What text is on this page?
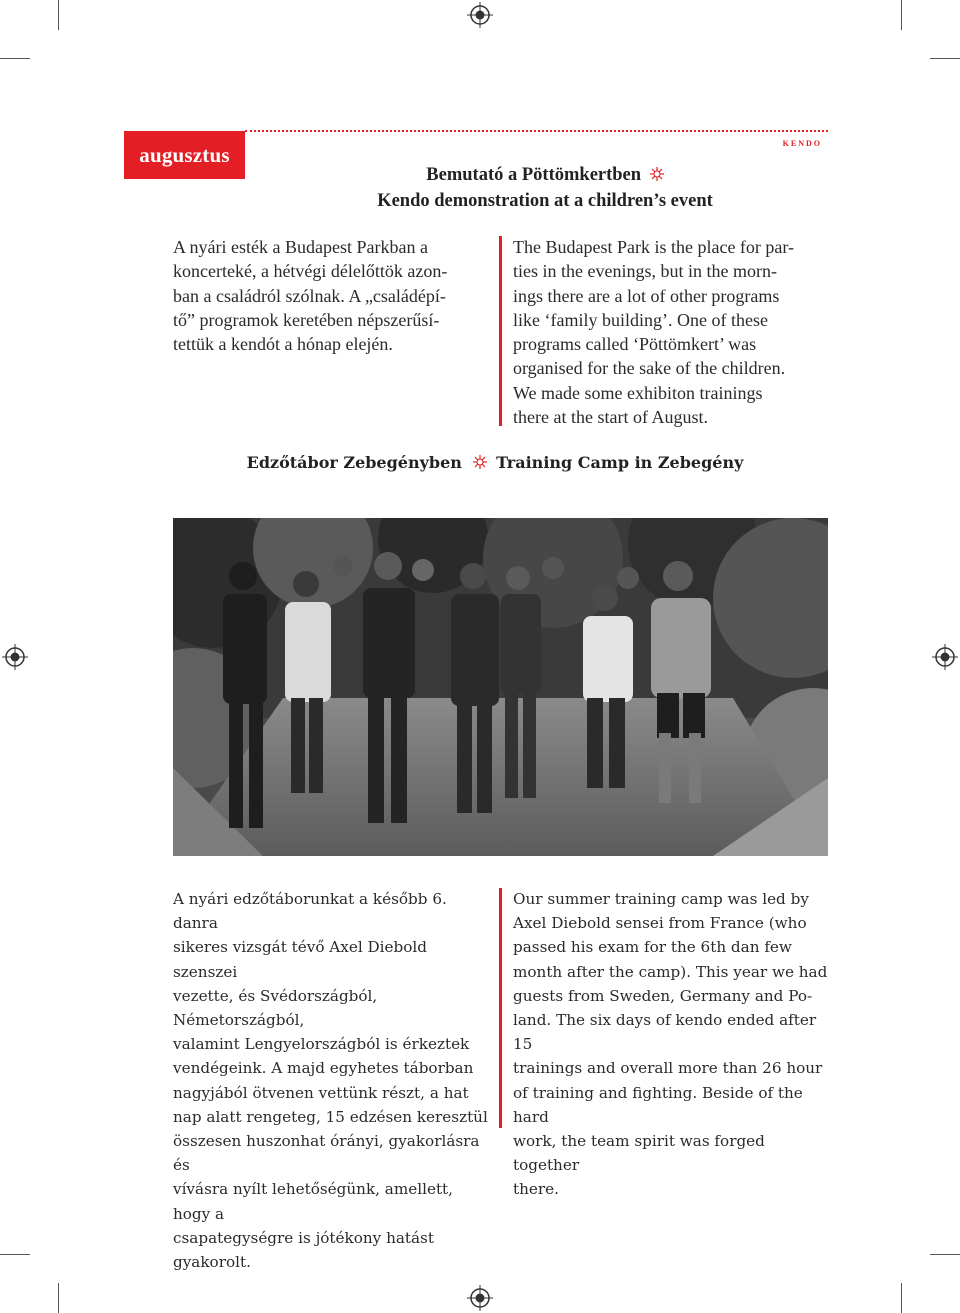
augusztus
kendo
Bemutató a Pöttömkertben
Kendo demonstration at a children’s event
A nyári esték a Budapest Parkban a
koncerteké, a hétvégi délelőttök azon-
ban a családról szólnak. A „családépí-
tő” programok keretében népszerűsí-
tettük a kendót a hónap elején.
The Budapest Park is the place for par-
ties in the evenings, but in the morn-
ings there are a lot of other programs
like ‘family building’. One of these
programs called ‘Pöttömkert’ was
organised for the sake of the children.
We made some exhibiton trainings
there at the start of August.
Edzőtábor Zebegényben Training Camp in Zebegény
A nyári edzőtáborunkat a később 6. danra
sikeres vizsgát tévő Axel Diebold szenszei
vezette, és Svédországból, Németországból,
valamint Lengyelországból is érkeztek
vendégeink. A majd egyhetes táborban
nagyjából ötvenen vettünk részt, a hat
nap alatt rengeteg, 15 edzésen keresztül
összesen huszonhat órányi, gyakorlásra és
vívásra nyílt lehetőségünk, amellett, hogy a
csapategységre is jótékony hatást gyakorolt.
Our summer training camp was led by
Axel Diebold sensei from France (who
passed his exam for the 6th dan few
month after the camp). This year we had
guests from Sweden, Germany and Po-
land. The six days of kendo ended after 15
trainings and overall more than 26 hour
of training and fighting. Beside of the hard
work, the team spirit was forged together
there.
